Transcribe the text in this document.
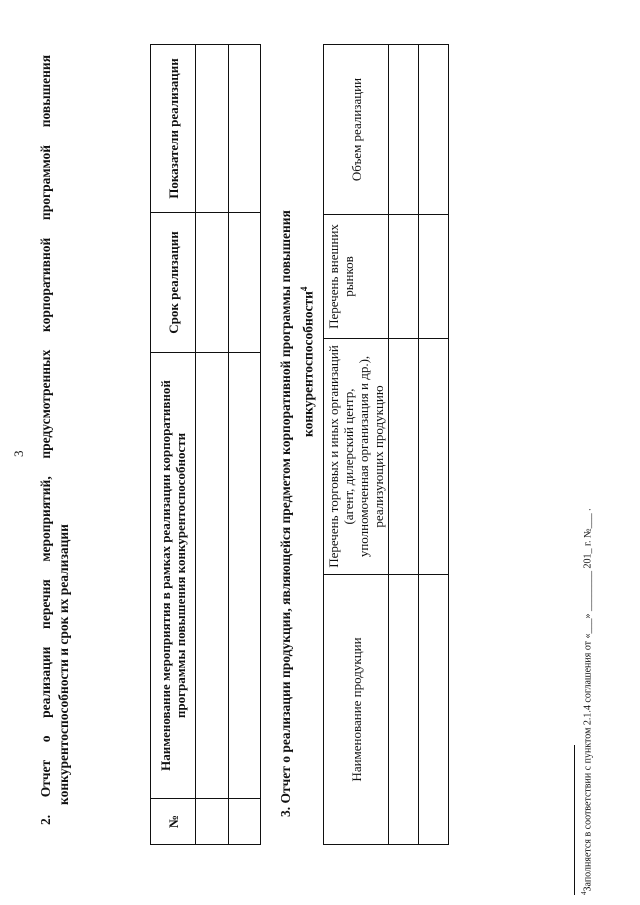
3 2. Отчет о реализации перечня мероприятий, предусмотренных корпоративной программой повышения конкурентоспособности и срок их реализации
№	Наименование мероприятия в рамках реализации корпоративной программы повышения конкурентоспособности	Срок реализации	Показатели реализации

3. Отчет о реализации продукции, являющейся предметом корпоративной программы повышения конкурентоспособности$^4$
Наименование продукции	Перечень торговых и иных организаций (агент, дилерский центр, уполномоченная организация и др.), реализующих продукцию	Перечень внешних рынков	Объем реализации

$^4$Заполняется в соответствии с пунктом 2.1.4 соглашения от «___» ________ 201_ г. №___ .
